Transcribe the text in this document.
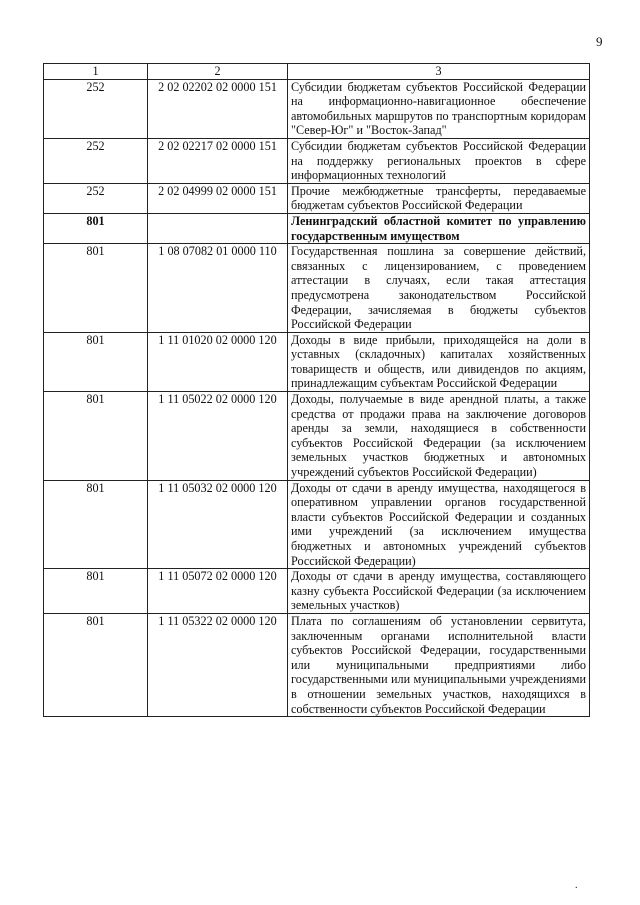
9
1	2	3
252	2 02 02202 02 0000 151	Субсидии бюджетам субъектов Российской Федерации на информационно-навигационное обеспечение автомобильных маршрутов по транспортным коридорам "Север-Юг" и "Восток-Запад"
252	2 02 02217 02 0000 151	Субсидии бюджетам субъектов Российской Федерации на поддержку региональных проектов в сфере информационных технологий
252	2 02 04999 02 0000 151	Прочие межбюджетные трансферты, передаваемые бюджетам субъектов Российской Федерации
801		Ленинградский областной комитет по управлению государственным имуществом
801	1 08 07082 01 0000 110	Государственная пошлина за совершение действий, связанных с лицензированием, с проведением аттестации в случаях, если такая аттестация предусмотрена законодательством Российской Федерации, зачисляемая в бюджеты субъектов Российской Федерации
801	1 11 01020 02 0000 120	Доходы в виде прибыли, приходящейся на доли в уставных (складочных) капиталах хозяйственных товариществ и обществ, или дивидендов по акциям, принадлежащим субъектам Российской Федерации
801	1 11 05022 02 0000 120	Доходы, получаемые в виде арендной платы, а также средства от продажи права на заключение договоров аренды за земли, находящиеся в собственности субъектов Российской Федерации (за исключением земельных участков бюджетных и автономных учреждений субъектов Российской Федерации)
801	1 11 05032 02 0000 120	Доходы от сдачи в аренду имущества, находящегося в оперативном управлении органов государственной власти субъектов Российской Федерации и созданных ими учреждений (за исключением имущества бюджетных и автономных учреждений субъектов Российской Федерации)
801	1 11 05072 02 0000 120	Доходы от сдачи в аренду имущества, составляющего казну субъекта Российской Федерации (за исключением земельных участков)
801	1 11 05322 02 0000 120	Плата по соглашениям об установлении сервитута, заключенным органами исполнительной власти субъектов Российской Федерации, государственными или муниципальными предприятиями либо государственными или муниципальными учреждениями в отношении земельных участков, находящихся в собственности субъектов Российской Федерации
.
